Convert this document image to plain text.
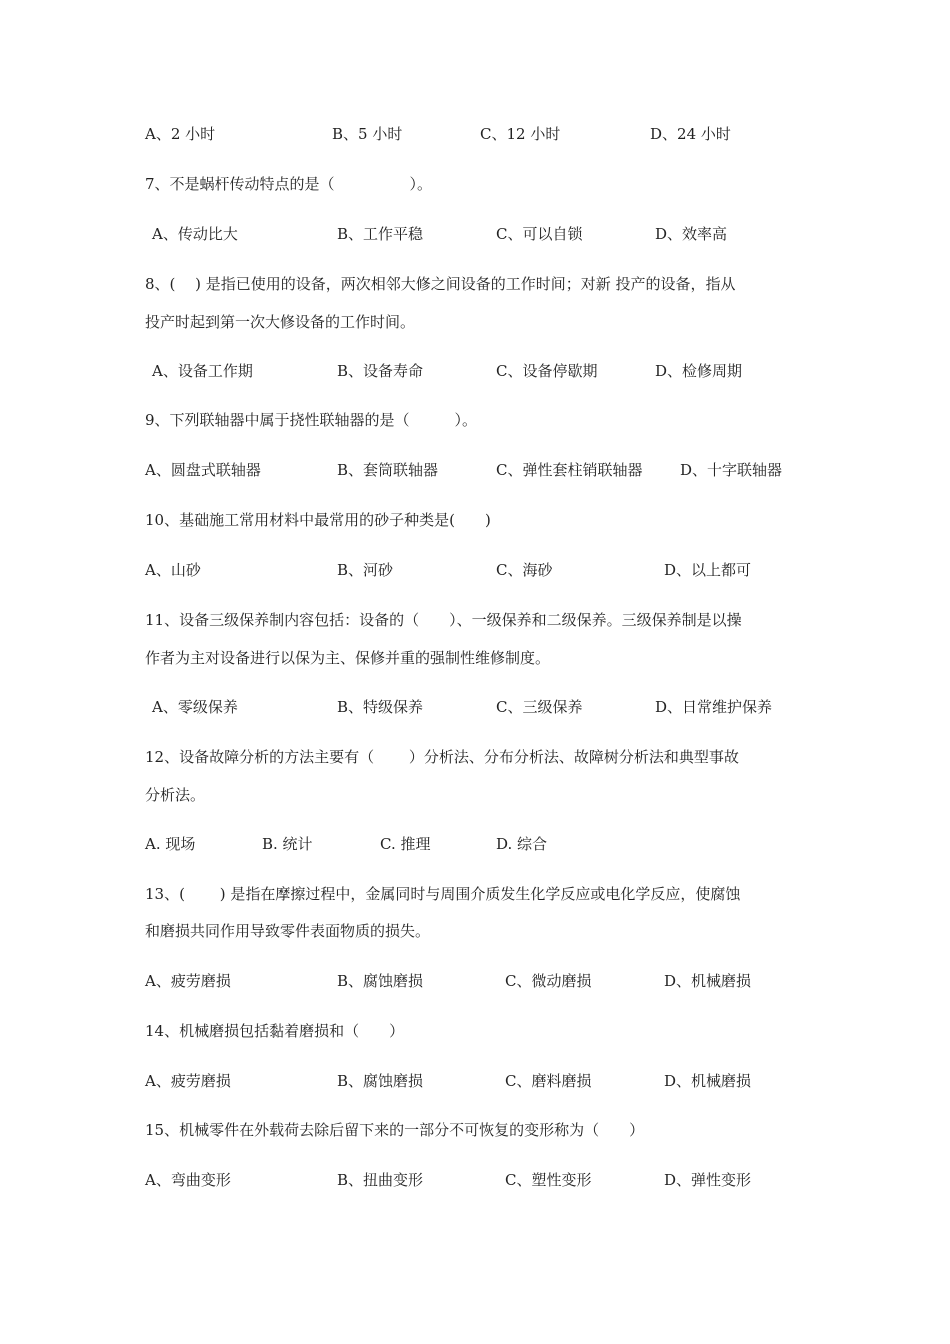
A、2 小时	B、5 小时	C、12 小时	D、24 小时
7、不是蜗杆传动特点的是（　　　　　）。
A、传动比大	B、工作平稳	C、可以自锁	D、效率高
8、(　 ) 是指已使用的设备，两次相邻大修之间设备的工作时间；对新 投产的设备，指从
投产时起到第一次大修设备的工作时间。
A、设备工作期	B、设备寿命	C、设备停歇期	D、检修周期
9、下列联轴器中属于挠性联轴器的是（　　　）。
A、圆盘式联轴器	B、套筒联轴器	C、弹性套柱销联轴器	D、十字联轴器
10、基础施工常用材料中最常用的砂子种类是(　　)
A、山砂	B、河砂	C、海砂	D、以上都可
11、设备三级保养制内容包括：设备的（　　）、一级保养和二级保养。三级保养制是以操
作者为主对设备进行以保为主、保修并重的强制性维修制度。
A、零级保养	B、特级保养	C、三级保养	D、日常维护保养
12、设备故障分析的方法主要有（　　 ）分析法、分布分析法、故障树分析法和典型事故
分析法。
A. 现场	B. 统计	C. 推理	D. 综合
13、(　　 ) 是指在摩擦过程中，金属同时与周围介质发生化学反应或电化学反应，使腐蚀
和磨损共同作用导致零件表面物质的损失。
A、疲劳磨损	B、腐蚀磨损	C、微动磨损	D、机械磨损
14、机械磨损包括黏着磨损和（　　）
A、疲劳磨损	B、腐蚀磨损	C、磨料磨损	D、机械磨损
15、机械零件在外载荷去除后留下来的一部分不可恢复的变形称为（　　）
A、弯曲变形	B、扭曲变形	C、塑性变形	D、弹性变形
